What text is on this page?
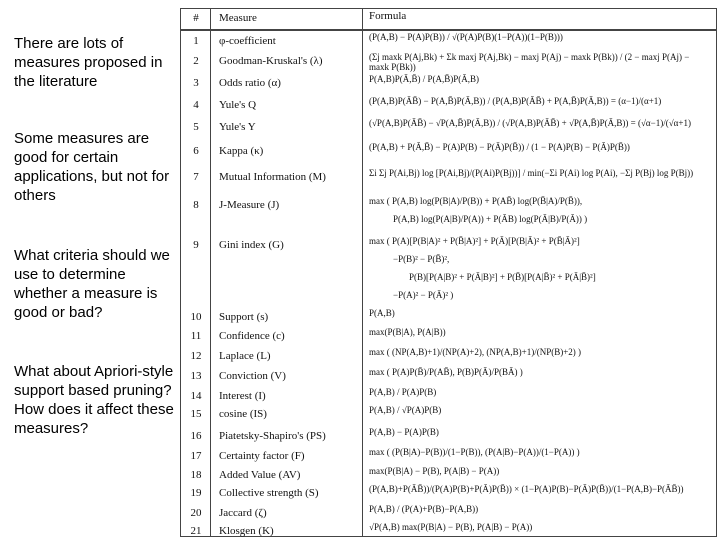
There are lots of measures proposed in the literature
Some measures are good for certain applications, but not for others
What criteria should we use to determine whether a measure is good or bad?
What about Apriori-style support based pruning? How does it affect these measures?
#	Measure	Formula
1	φ-coefficient	(P(A,B) − P(A)P(B)) / √(P(A)P(B)(1−P(A))(1−P(B)))
2	Goodman-Kruskal's (λ)	(Σj maxk P(Aj,Bk) + Σk maxj P(Aj,Bk) − maxj P(Aj) − maxk P(Bk)) / (2 − maxj P(Aj) − maxk P(Bk))
3	Odds ratio (α)	P(A,B)P(Ā,B̄) / P(A,B̄)P(Ā,B)
4	Yule's Q	(P(A,B)P(ĀB̄) − P(A,B̄)P(Ā,B)) / (P(A,B)P(ĀB̄) + P(A,B̄)P(Ā,B)) = (α−1)/(α+1)
5	Yule's Y	(√P(A,B)P(ĀB̄) − √P(A,B̄)P(Ā,B)) / (√P(A,B)P(ĀB̄) + √P(A,B̄)P(Ā,B)) = (√α−1)/(√α+1)
6	Kappa (κ)	(P(A,B) + P(Ā,B̄) − P(A)P(B) − P(Ā)P(B̄)) / (1 − P(A)P(B) − P(Ā)P(B̄))
7	Mutual Information (M)	Σi Σj P(Ai,Bj) log [P(Ai,Bj)/(P(Ai)P(Bj))] / min(−Σi P(Ai) log P(Ai), −Σj P(Bj) log P(Bj))
8	J-Measure (J)	max ( P(A,B) log(P(B|A)/P(B)) + P(AB̄) log(P(B̄|A)/P(B̄)),
P(A,B) log(P(A|B)/P(A)) + P(ĀB) log(P(Ā|B)/P(Ā)) )
9	Gini index (G)	max ( P(A)[P(B|A)² + P(B̄|A)²] + P(Ā)[P(B|Ā)² + P(B̄|Ā)²]
−P(B)² − P(B̄)²,
P(B)[P(A|B)² + P(Ā|B)²] + P(B̄)[P(A|B̄)² + P(Ā|B̄)²]
−P(A)² − P(Ā)² )
10	Support (s)	P(A,B)
11	Confidence (c)	max(P(B|A), P(A|B))
12	Laplace (L)	max ( (NP(A,B)+1)/(NP(A)+2), (NP(A,B)+1)/(NP(B)+2) )
13	Conviction (V)	max ( P(A)P(B̄)/P(AB̄), P(B)P(Ā)/P(BĀ) )
14	Interest (I)	P(A,B) / P(A)P(B)
15	cosine (IS)	P(A,B) / √P(A)P(B)
16	Piatetsky-Shapiro's (PS)	P(A,B) − P(A)P(B)
17	Certainty factor (F)	max ( (P(B|A)−P(B))/(1−P(B)), (P(A|B)−P(A))/(1−P(A)) )
18	Added Value (AV)	max(P(B|A) − P(B), P(A|B) − P(A))
19	Collective strength (S)	(P(A,B)+P(ĀB̄))/(P(A)P(B)+P(Ā)P(B̄)) × (1−P(A)P(B)−P(Ā)P(B̄))/(1−P(A,B)−P(ĀB̄))
20	Jaccard (ζ)	P(A,B) / (P(A)+P(B)−P(A,B))
21	Klosgen (K)	√P(A,B) max(P(B|A) − P(B), P(A|B) − P(A))
